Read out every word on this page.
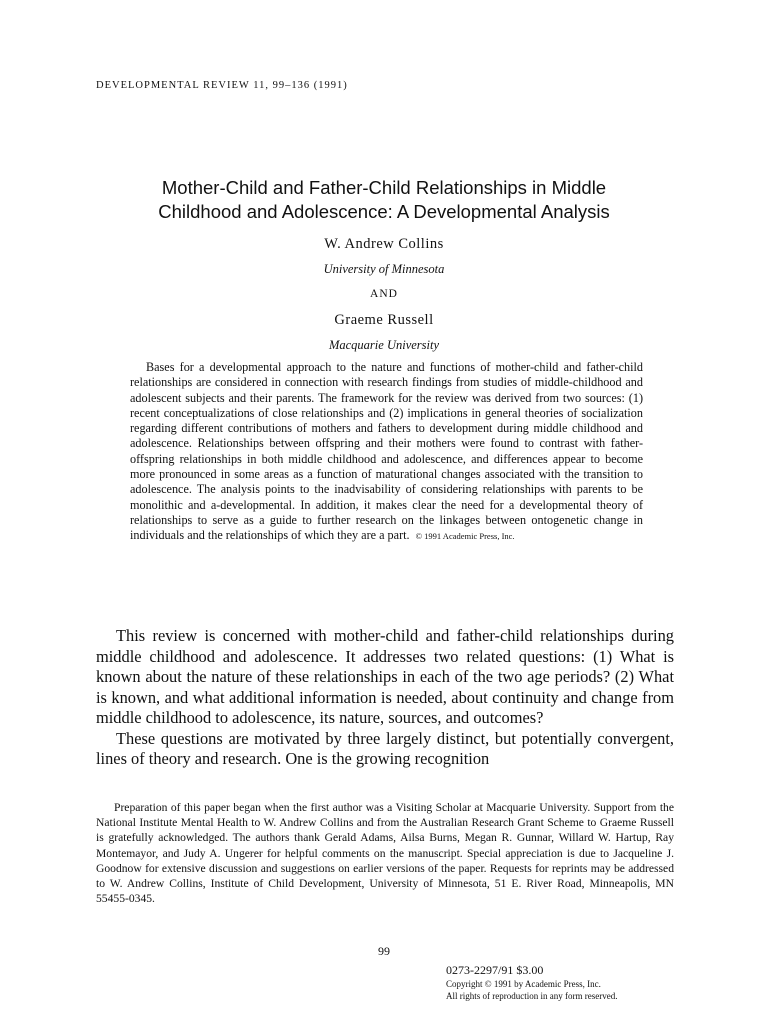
DEVELOPMENTAL REVIEW 11, 99–136 (1991)
Mother-Child and Father-Child Relationships in Middle
Childhood and Adolescence: A Developmental Analysis
W. Andrew Collins
University of Minnesota
AND
Graeme Russell
Macquarie University
Bases for a developmental approach to the nature and functions of mother-child and father-child relationships are considered in connection with research findings from studies of middle-childhood and adolescent subjects and their parents. The framework for the review was derived from two sources: (1) recent conceptualizations of close relationships and (2) implications in general theories of socialization regarding different contributions of mothers and fathers to development during middle childhood and adolescence. Relationships between offspring and their mothers were found to contrast with father-offspring relationships in both middle childhood and adolescence, and differences appear to become more pronounced in some areas as a function of maturational changes associated with the transition to adolescence. The analysis points to the inadvisability of considering relationships with parents to be monolithic and a-developmental. In addition, it makes clear the need for a developmental theory of relationships to serve as a guide to further research on the linkages between ontogenetic change in individuals and the relationships of which they are a part. © 1991 Academic Press, Inc.

This review is concerned with mother-child and father-child relationships during middle childhood and adolescence. It addresses two related questions: (1) What is known about the nature of these relationships in each of the two age periods? (2) What is known, and what additional information is needed, about continuity and change from middle childhood to adolescence, its nature, sources, and outcomes?

These questions are motivated by three largely distinct, but potentially convergent, lines of theory and research. One is the growing recognition

Preparation of this paper began when the first author was a Visiting Scholar at Macquarie University. Support from the National Institute Mental Health to W. Andrew Collins and from the Australian Research Grant Scheme to Graeme Russell is gratefully acknowledged. The authors thank Gerald Adams, Ailsa Burns, Megan R. Gunnar, Willard W. Hartup, Ray Montemayor, and Judy A. Ungerer for helpful comments on the manuscript. Special appreciation is due to Jacqueline J. Goodnow for extensive discussion and suggestions on earlier versions of the paper. Requests for reprints may be addressed to W. Andrew Collins, Institute of Child Development, University of Minnesota, 51 E. River Road, Minneapolis, MN 55455-0345.

99
0273-2297/91 $3.00
Copyright © 1991 by Academic Press, Inc.
All rights of reproduction in any form reserved.
